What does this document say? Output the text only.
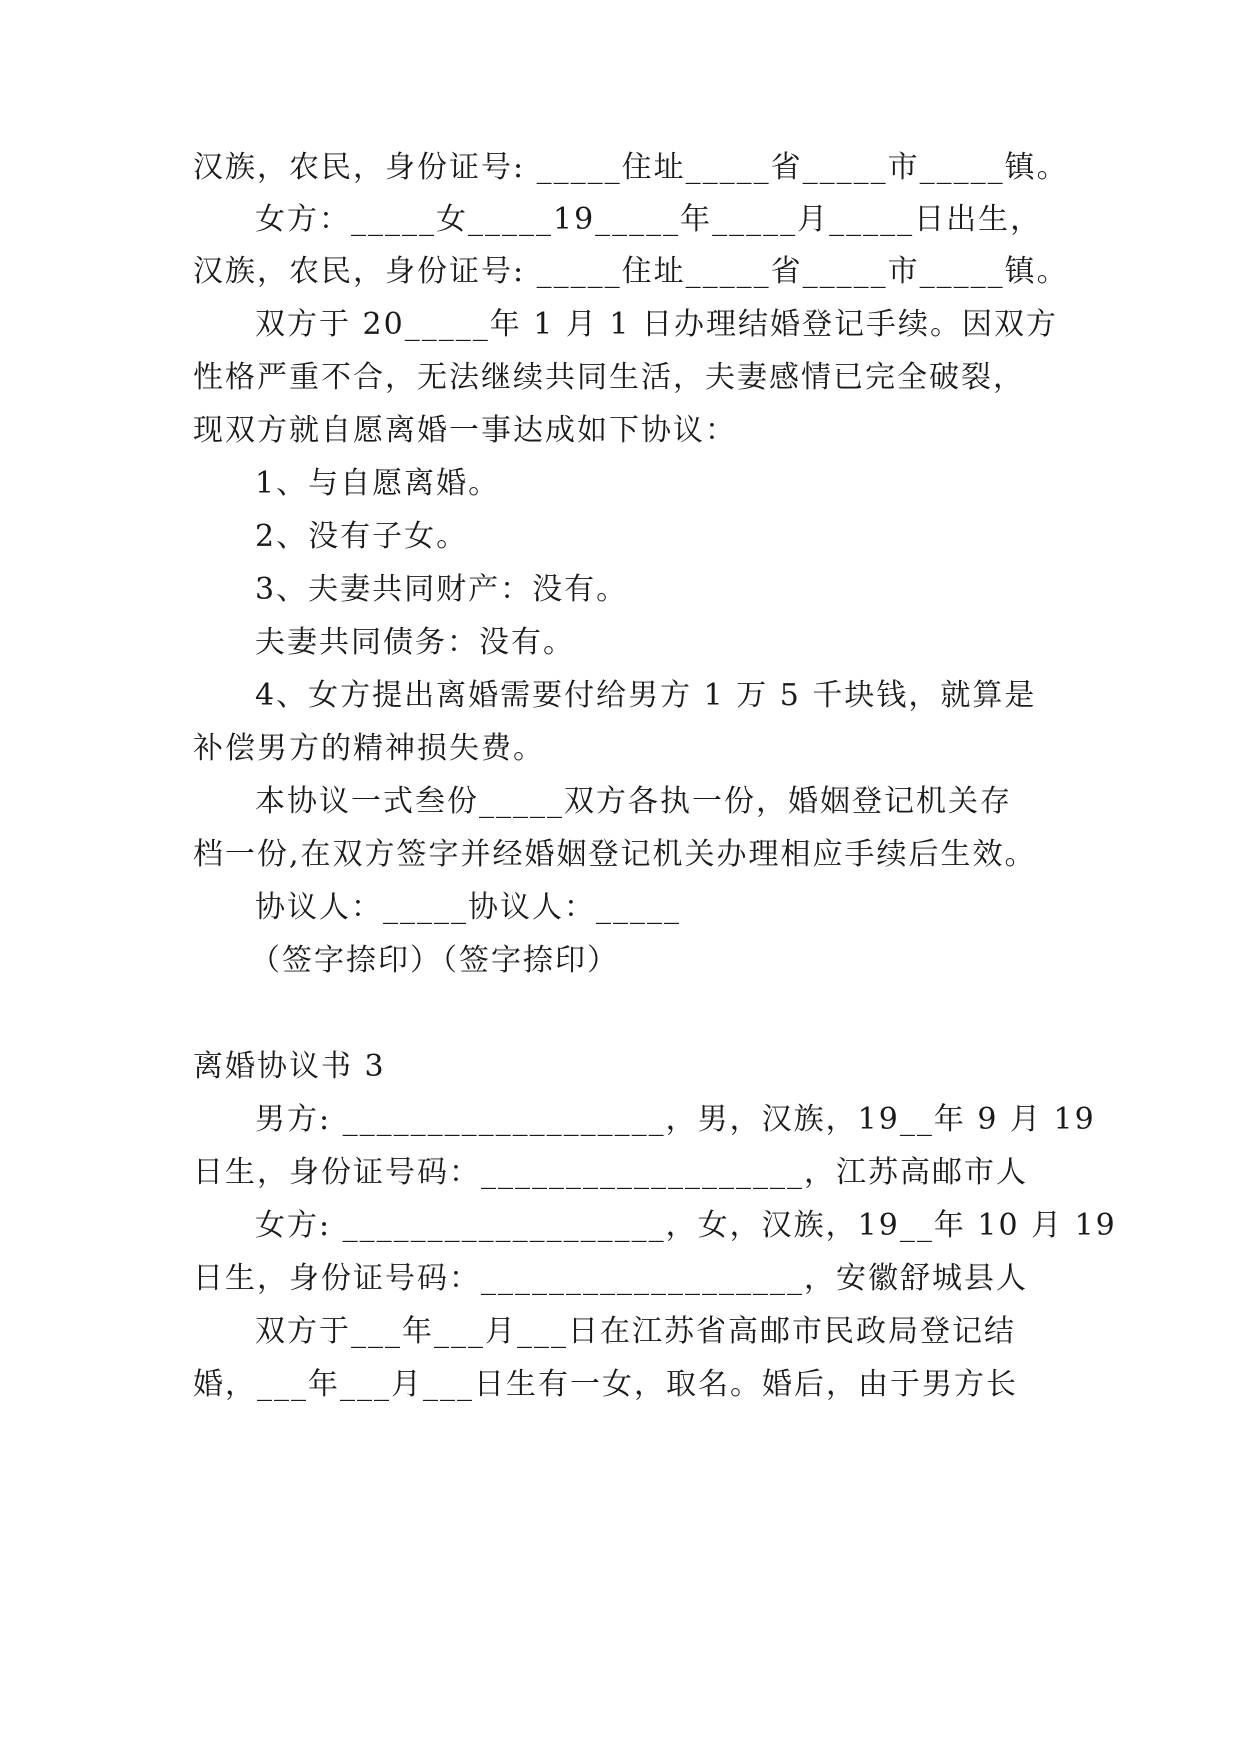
汉族，农民，身份证号: _____住址_____省_____市_____镇。
女方：_____女_____19_____年_____月_____日出生，
汉族，农民，身份证号: _____住址_____省_____市_____镇。
双方于 20_____年 1 月 1 日办理结婚登记手续。因双方
性格严重不合，无法继续共同生活，夫妻感情已完全破裂，
现双方就自愿离婚一事达成如下协议：
1、与自愿离婚。
2、没有子女。
3、夫妻共同财产：没有。
夫妻共同债务：没有。
4、女方提出离婚需要付给男方 1 万 5 千块钱，就算是
补偿男方的精神损失费。
本协议一式叁份_____双方各执一份，婚姻登记机关存
档一份,在双方签字并经婚姻登记机关办理相应手续后生效。
协议人：_____协议人：_____
（签字捺印）（签字捺印）
离婚协议书 3
男方: ___________________，男，汉族，19__年 9 月 19
日生，身份证号码：___________________，江苏高邮市人
女方: ___________________，女，汉族，19__年 10 月 19
日生，身份证号码：___________________，安徽舒城县人
双方于___年___月___日在江苏省高邮市民政局登记结
婚，___年___月___日生有一女，取名。婚后，由于男方长
